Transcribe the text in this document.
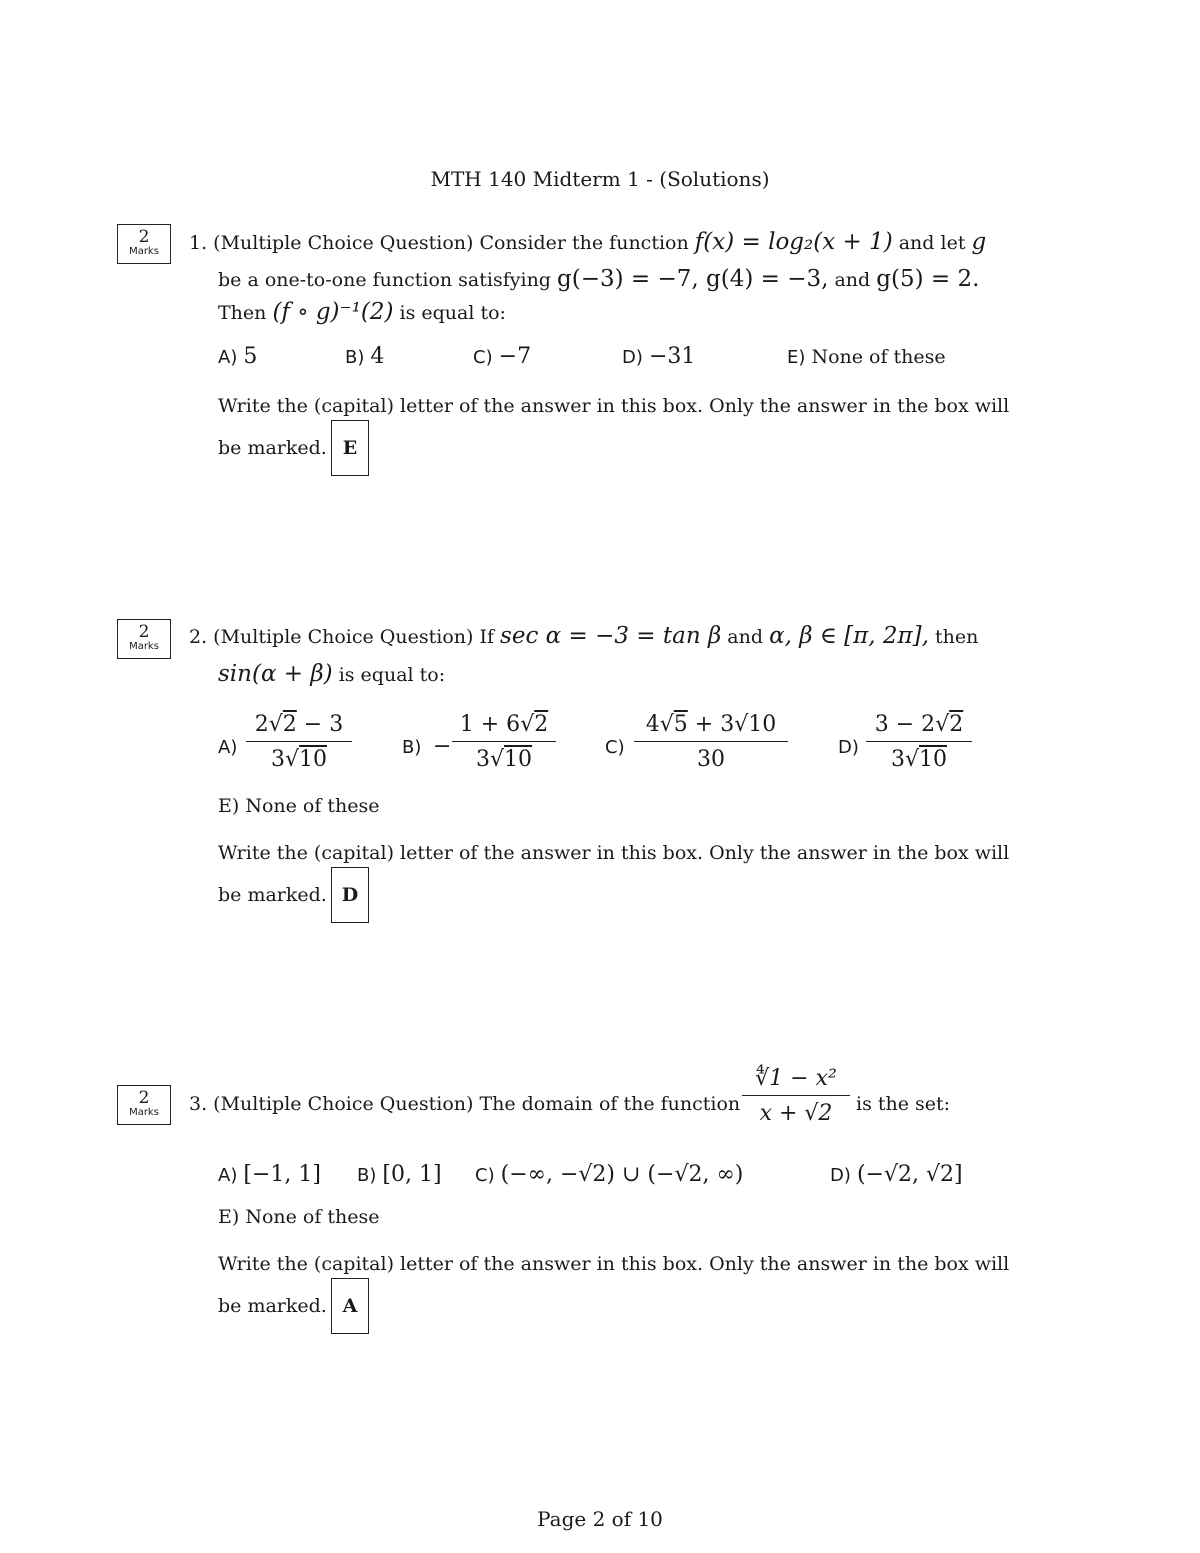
MTH 140 Midterm 1 - (Solutions)
2
Marks	1. (Multiple Choice Question) Consider the function f(x) = log₂(x + 1) and let g
be a one-to-one function satisfying g(−3) = −7, g(4) = −3, and g(5) = 2.
Then (f ∘ g)⁻¹(2) is equal to:
A) 5	B) 4	C) −7	D) −31	E) None of these
Write the (capital) letter of the answer in this box. Only the answer in the box will
be marked. E
2
Marks	2. (Multiple Choice Question) If sec α = −3 = tan β and α, β ∈ [π, 2π], then
sin(α + β) is equal to:
$A) \frac{2√2 - 3}{3√10}$	$B) - \frac{1 + 6√2}{3√10}$	$C) \frac{4√5 + 3√10}{30}$	$D) \frac{3 - 2√2}{3√10}$
E) None of these
Write the (capital) letter of the answer in this box. Only the answer in the box will
be marked. D
2
Marks	3. (Multiple Choice Question) The domain of the function $\frac{\text{∜1 − x²}}{x + √2}$ is the set:
A) [−1, 1] B) [0, 1] C) (−∞, −√2) ∪ (−√2, ∞)	D) (−√2, √2]
E) None of these
Write the (capital) letter of the answer in this box. Only the answer in the box will
be marked. A
Page 2 of 10
